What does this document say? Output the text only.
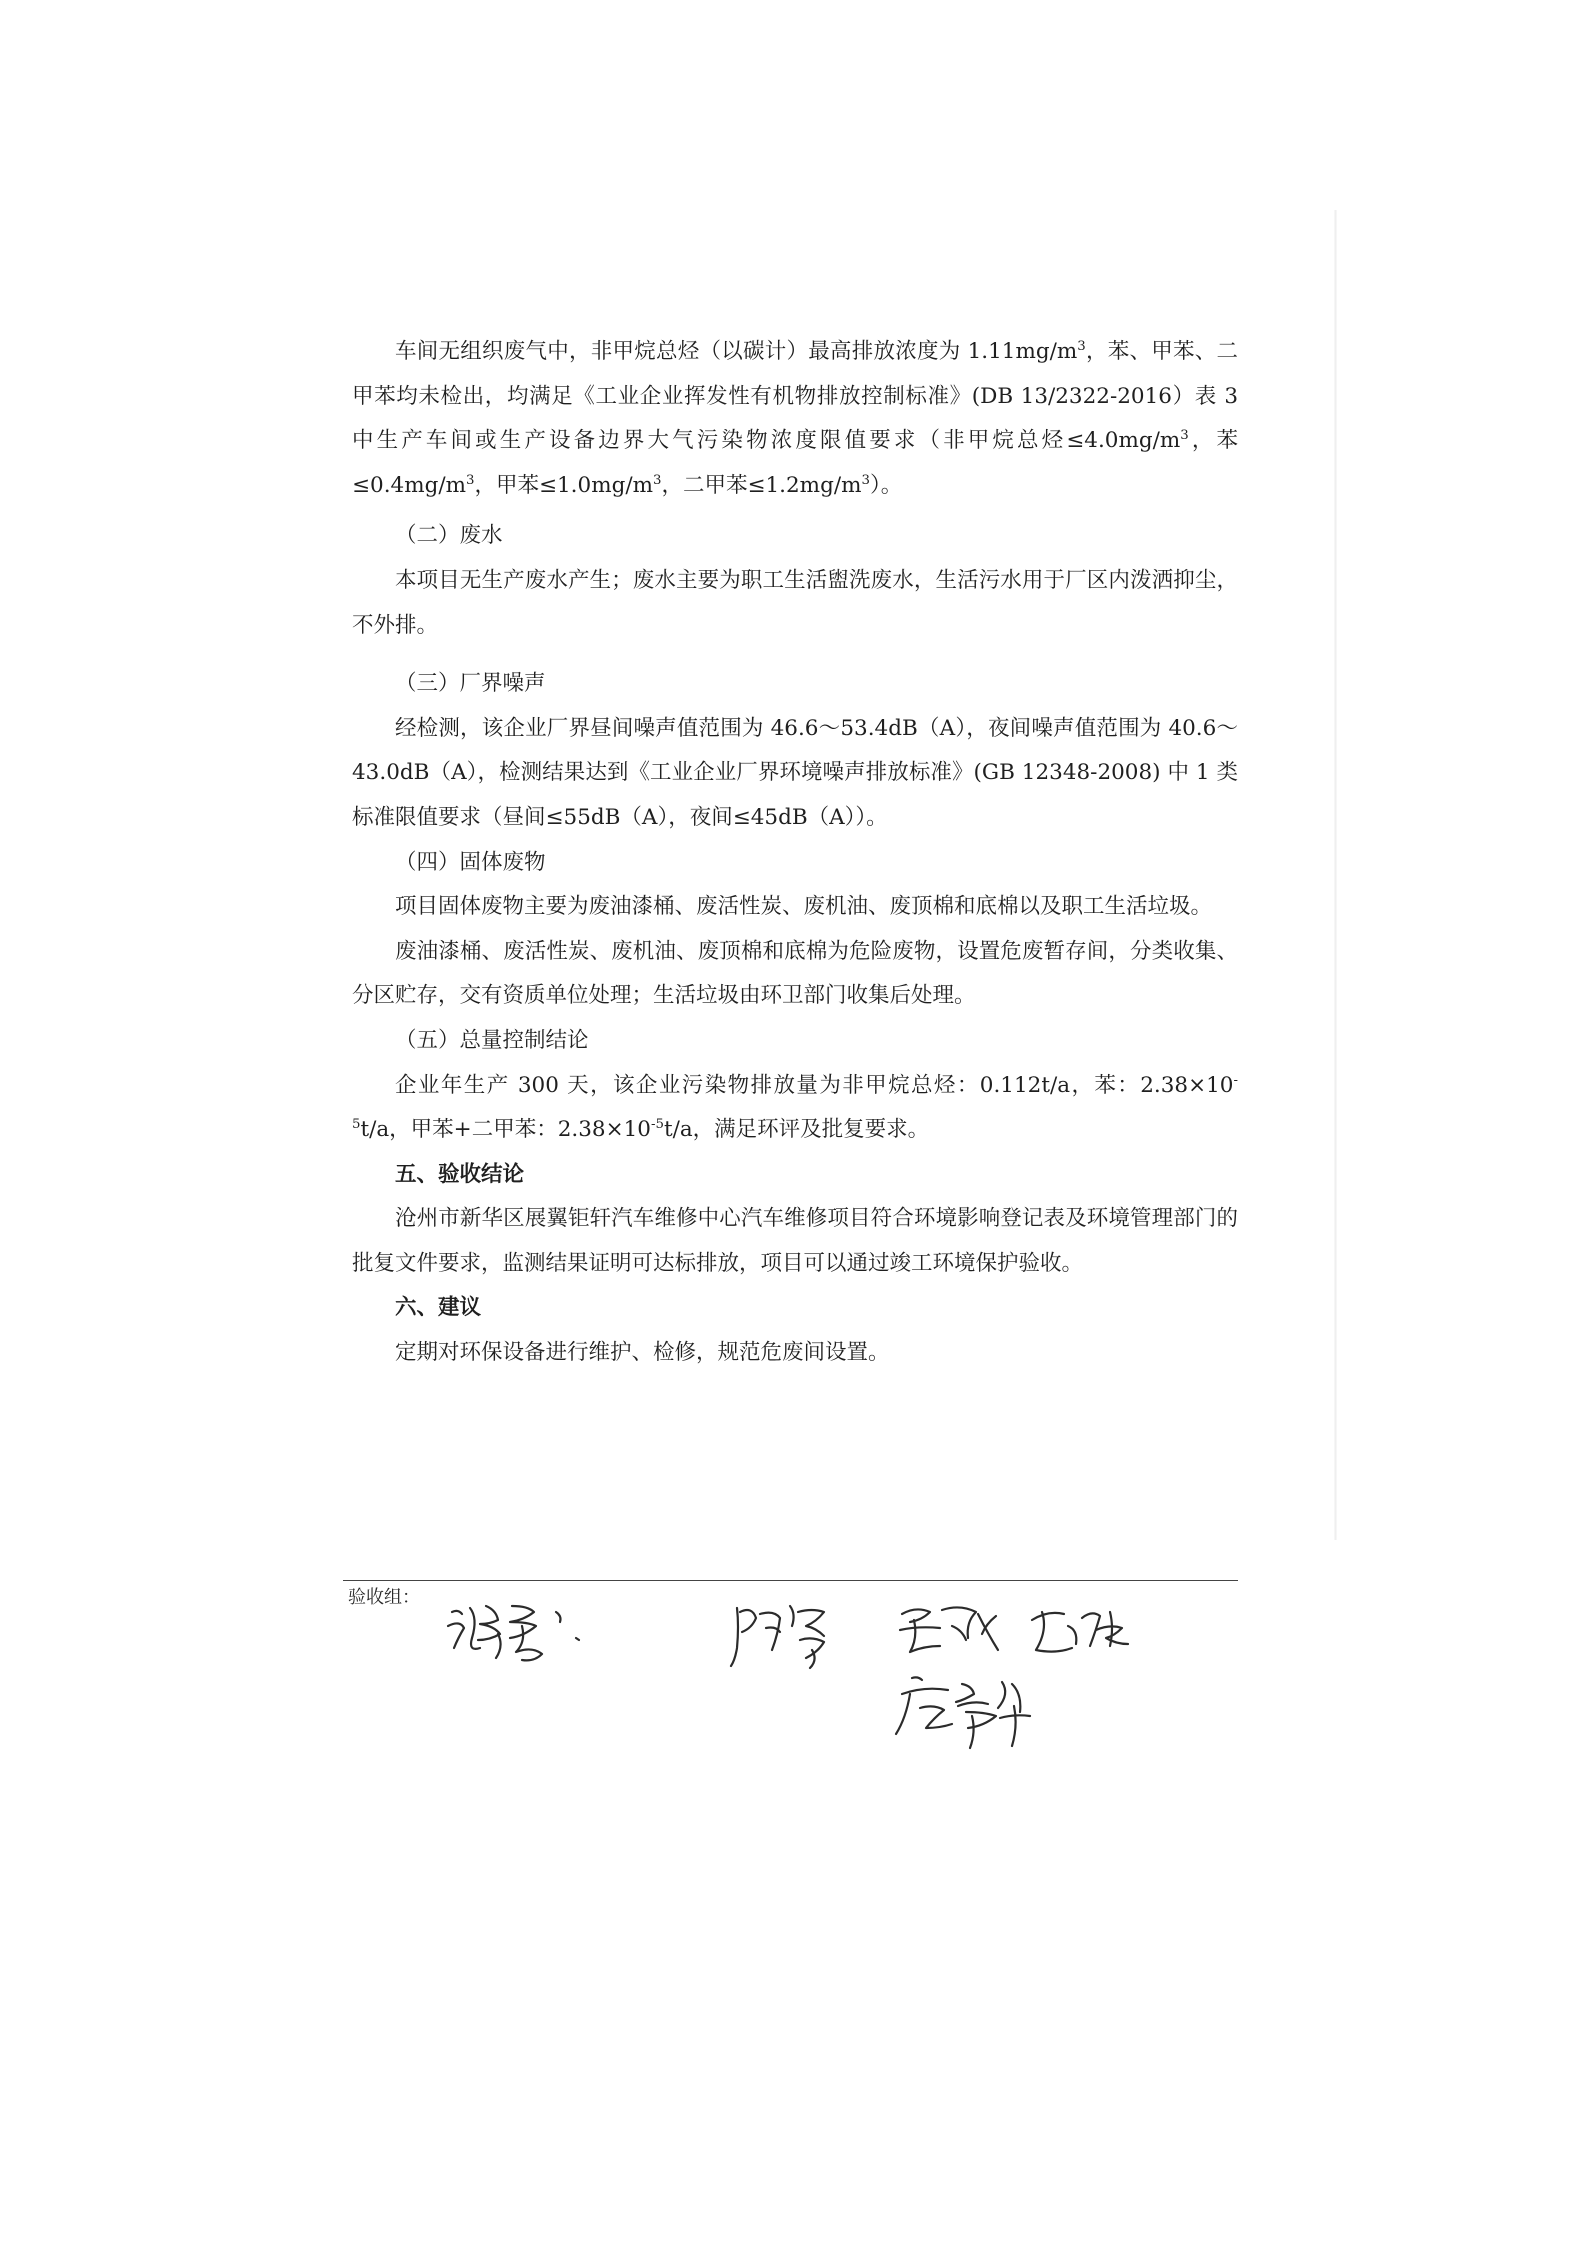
车间无组织废气中，非甲烷总烃（以碳计）最高排放浓度为 $1.11mg/m^3$，苯、甲苯、二甲苯均未检出，均满足《工业企业挥发性有机物排放控制标准》(DB 13/2322-2016）表 3 中生产车间或生产设备边界大气污染物浓度限值要求（非甲烷总烃$\le 4.0mg/m^3$，苯$\le 0.4mg/m^3$，甲苯$\le 1.0mg/m^3$，二甲苯$\le 1.2mg/m^3$）。

（二）废水

本项目无生产废水产生；废水主要为职工生活盥洗废水，生活污水用于厂区内泼洒抑尘，不外排。

（三）厂界噪声

经检测，该企业厂界昼间噪声值范围为 46.6～53.4dB（A），夜间噪声值范围为 40.6～43.0dB（A），检测结果达到《工业企业厂界环境噪声排放标准》(GB 12348-2008) 中 1 类标准限值要求（昼间≤55dB（A），夜间≤45dB（A））。

（四）固体废物

项目固体废物主要为废油漆桶、废活性炭、废机油、废顶棉和底棉以及职工生活垃圾。

废油漆桶、废活性炭、废机油、废顶棉和底棉为危险废物，设置危废暂存间，分类收集、分区贮存，交有资质单位处理；生活垃圾由环卫部门收集后处理。

（五）总量控制结论

企业年生产 300 天，该企业污染物排放量为非甲烷总烃：0.112t/a，苯：$2.38\times 10^{-5}t/a$，甲苯+二甲苯：$2.38\times 10^{-5}t/a$，满足环评及批复要求。

五、验收结论

沧州市新华区展翼钜轩汽车维修中心汽车维修项目符合环境影响登记表及环境管理部门的批复文件要求，监测结果证明可达标排放，项目可以通过竣工环境保护验收。

六、建议

定期对环保设备进行维护、检修，规范危废间设置。

验收组：
